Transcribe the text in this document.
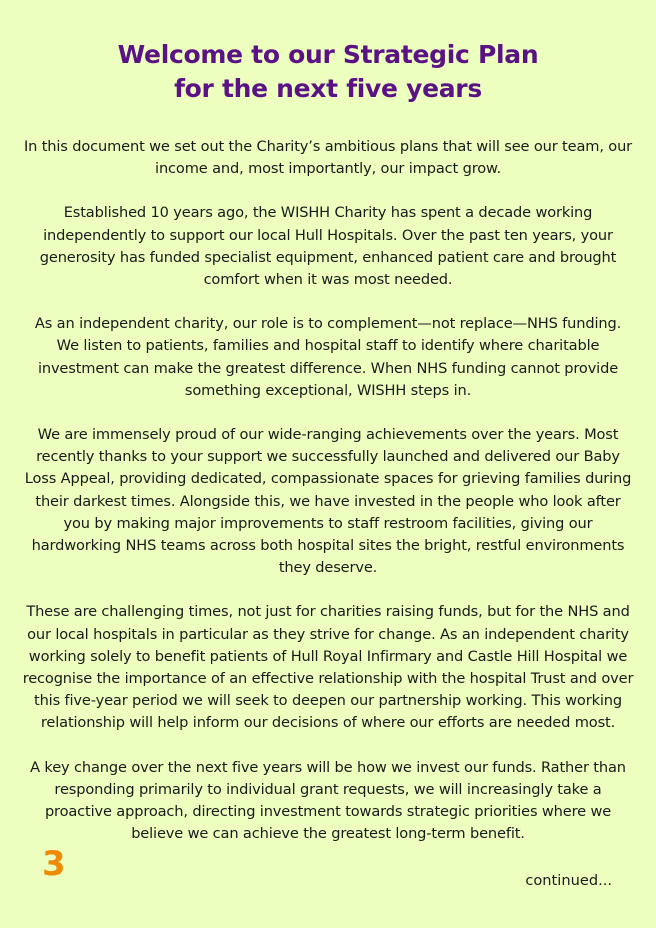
Welcome to our Strategic Plan
for the next five years

In this document we set out the Charity’s ambitious plans that will see our team, our income and, most importantly, our impact grow.

Established 10 years ago, the WISHH Charity has spent a decade working independently to support our local Hull Hospitals. Over the past ten years, your generosity has funded specialist equipment, enhanced patient care and brought comfort when it was most needed.

As an independent charity, our role is to complement—not replace—NHS funding. We listen to patients, families and hospital staff to identify where charitable investment can make the greatest difference. When NHS funding cannot provide something exceptional, WISHH steps in.

We are immensely proud of our wide-ranging achievements over the years. Most recently thanks to your support we successfully launched and delivered our Baby Loss Appeal, providing dedicated, compassionate spaces for grieving families during their darkest times. Alongside this, we have invested in the people who look after you by making major improvements to staff restroom facilities, giving our hardworking NHS teams across both hospital sites the bright, restful environments they deserve.

These are challenging times, not just for charities raising funds, but for the NHS and our local hospitals in particular as they strive for change. As an independent charity working solely to benefit patients of Hull Royal Infirmary and Castle Hill Hospital we recognise the importance of an effective relationship with the hospital Trust and over this five-year period we will seek to deepen our partnership working. This working relationship will help inform our decisions of where our efforts are needed most.

A key change over the next five years will be how we invest our funds. Rather than responding primarily to individual grant requests, we will increasingly take a proactive approach, directing investment towards strategic priorities where we believe we can achieve the greatest long-term benefit.

3	continued...
